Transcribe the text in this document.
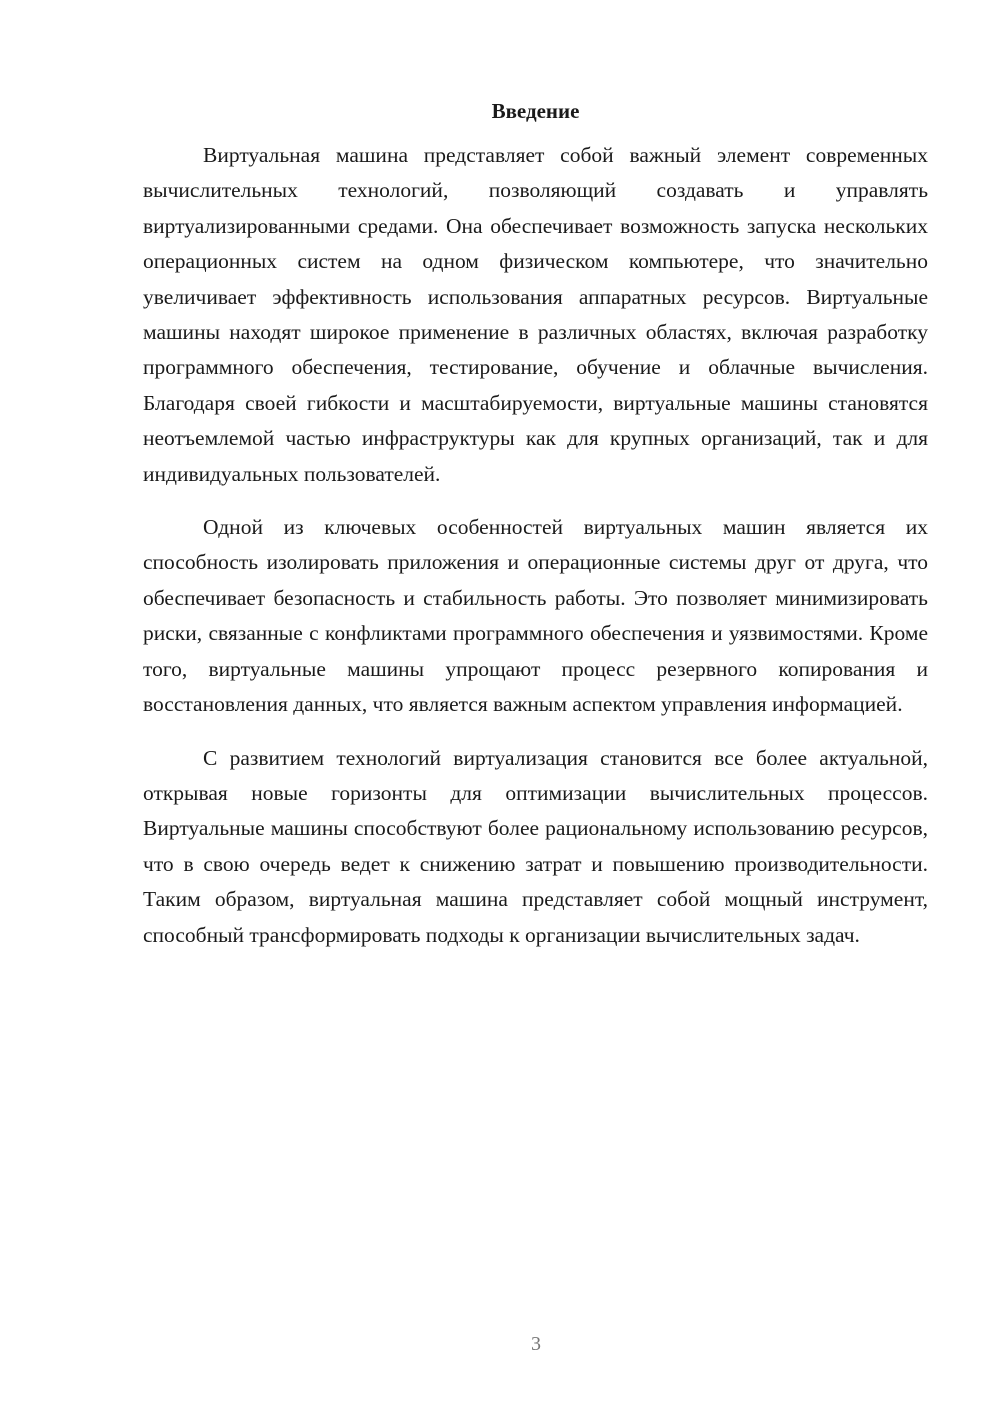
Введение

Виртуальная машина представляет собой важный элемент современных вычислительных технологий, позволяющий создавать и управлять виртуализированными средами. Она обеспечивает возможность запуска нескольких операционных систем на одном физическом компьютере, что значительно увеличивает эффективность использования аппаратных ресурсов. Виртуальные машины находят широкое применение в различных областях, включая разработку программного обеспечения, тестирование, обучение и облачные вычисления. Благодаря своей гибкости и масштабируемости, виртуальные машины становятся неотъемлемой частью инфраструктуры как для крупных организаций, так и для индивидуальных пользователей.

Одной из ключевых особенностей виртуальных машин является их способность изолировать приложения и операционные системы друг от друга, что обеспечивает безопасность и стабильность работы. Это позволяет минимизировать риски, связанные с конфликтами программного обеспечения и уязвимостями. Кроме того, виртуальные машины упрощают процесс резервного копирования и восстановления данных, что является важным аспектом управления информацией.

С развитием технологий виртуализация становится все более актуальной, открывая новые горизонты для оптимизации вычислительных процессов. Виртуальные машины способствуют более рациональному использованию ресурсов, что в свою очередь ведет к снижению затрат и повышению производительности. Таким образом, виртуальная машина представляет собой мощный инструмент, способный трансформировать подходы к организации вычислительных задач.

3
